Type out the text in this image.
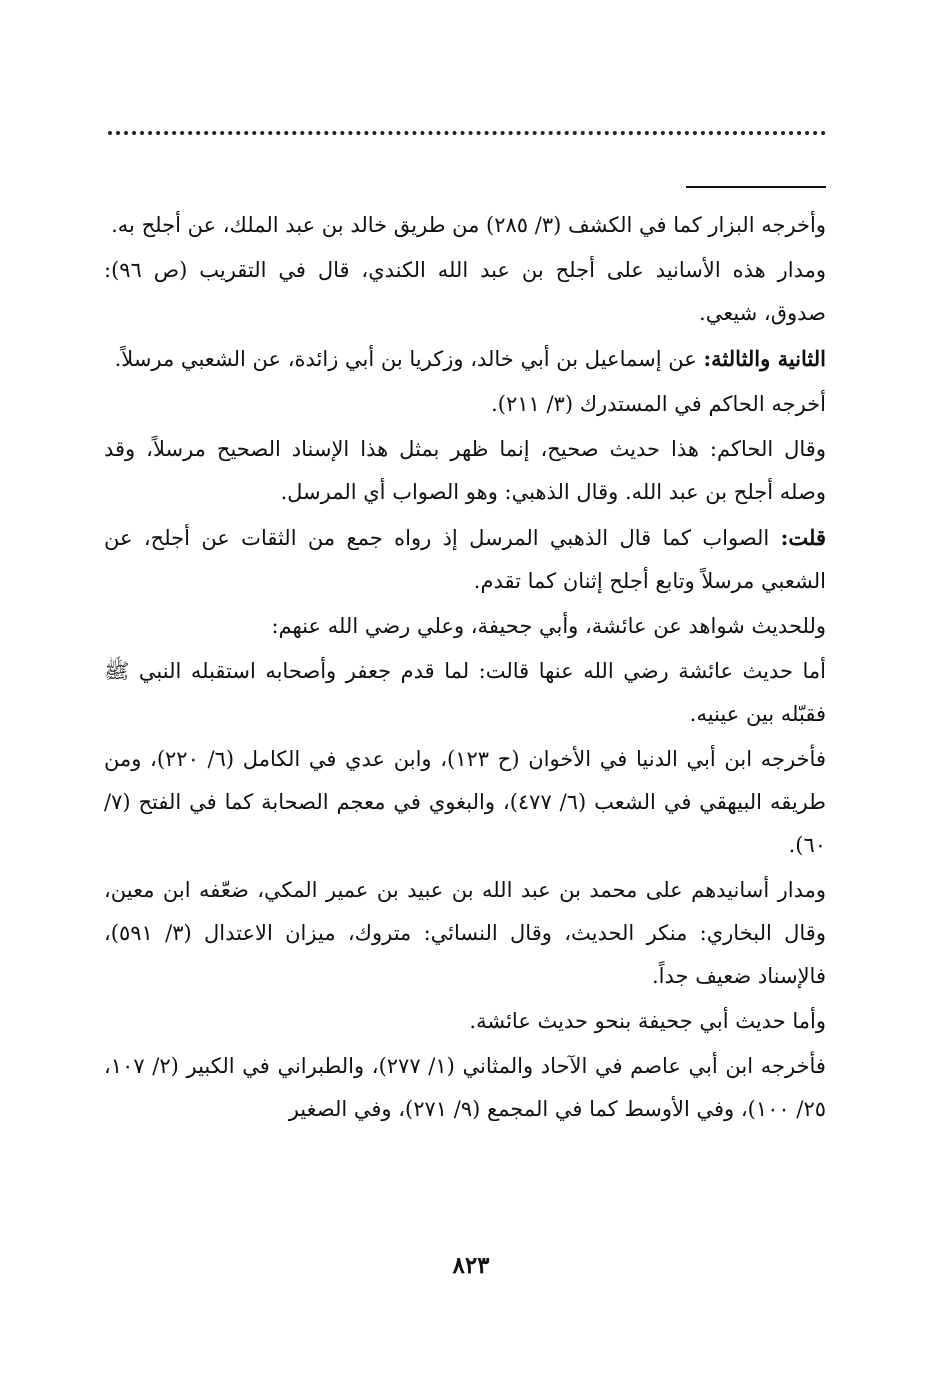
وأخرجه البزار كما في الكشف (٣/ ٢٨٥) من طريق خالد بن عبد الملك، عن أجلح به.

ومدار هذه الأسانيد على أجلح بن عبد الله الكندي، قال في التقريب (ص ٩٦): صدوق، شيعي.

الثانية والثالثة: عن إسماعيل بن أبي خالد، وزكريا بن أبي زائدة، عن الشعبي مرسلاً.

أخرجه الحاكم في المستدرك (٣/ ٢١١).

وقال الحاكم: هذا حديث صحيح، إنما ظهر بمثل هذا الإسناد الصحيح مرسلاً، وقد وصله أجلح بن عبد الله. وقال الذهبي: وهو الصواب أي المرسل.

قلت: الصواب كما قال الذهبي المرسل إذ رواه جمع من الثقات عن أجلح، عن الشعبي مرسلاً وتابع أجلح إثنان كما تقدم.

وللحديث شواهد عن عائشة، وأبي جحيفة، وعلي رضي الله عنهم:

أما حديث عائشة رضي الله عنها قالت: لما قدم جعفر وأصحابه استقبله النبي ﷺ فقبّله بين عينيه.

فأخرجه ابن أبي الدنيا في الأخوان (ح ١٢٣)، وابن عدي في الكامل (٦/ ٢٢٠)، ومن طريقه البيهقي في الشعب (٦/ ٤٧٧)، والبغوي في معجم الصحابة كما في الفتح (٧/ ٦٠).

ومدار أسانيدهم على محمد بن عبد الله بن عبيد بن عمير المكي، ضعّفه ابن معين، وقال البخاري: منكر الحديث، وقال النسائي: متروك، ميزان الاعتدال (٣/ ٥٩١)، فالإسناد ضعيف جداً.

وأما حديث أبي جحيفة بنحو حديث عائشة.

فأخرجه ابن أبي عاصم في الآحاد والمثاني (١/ ٢٧٧)، والطبراني في الكبير (٢/ ١٠٧، ٢٥/ ١٠٠)، وفي الأوسط كما في المجمع (٩/ ٢٧١)، وفي الصغير

٨٢٣
